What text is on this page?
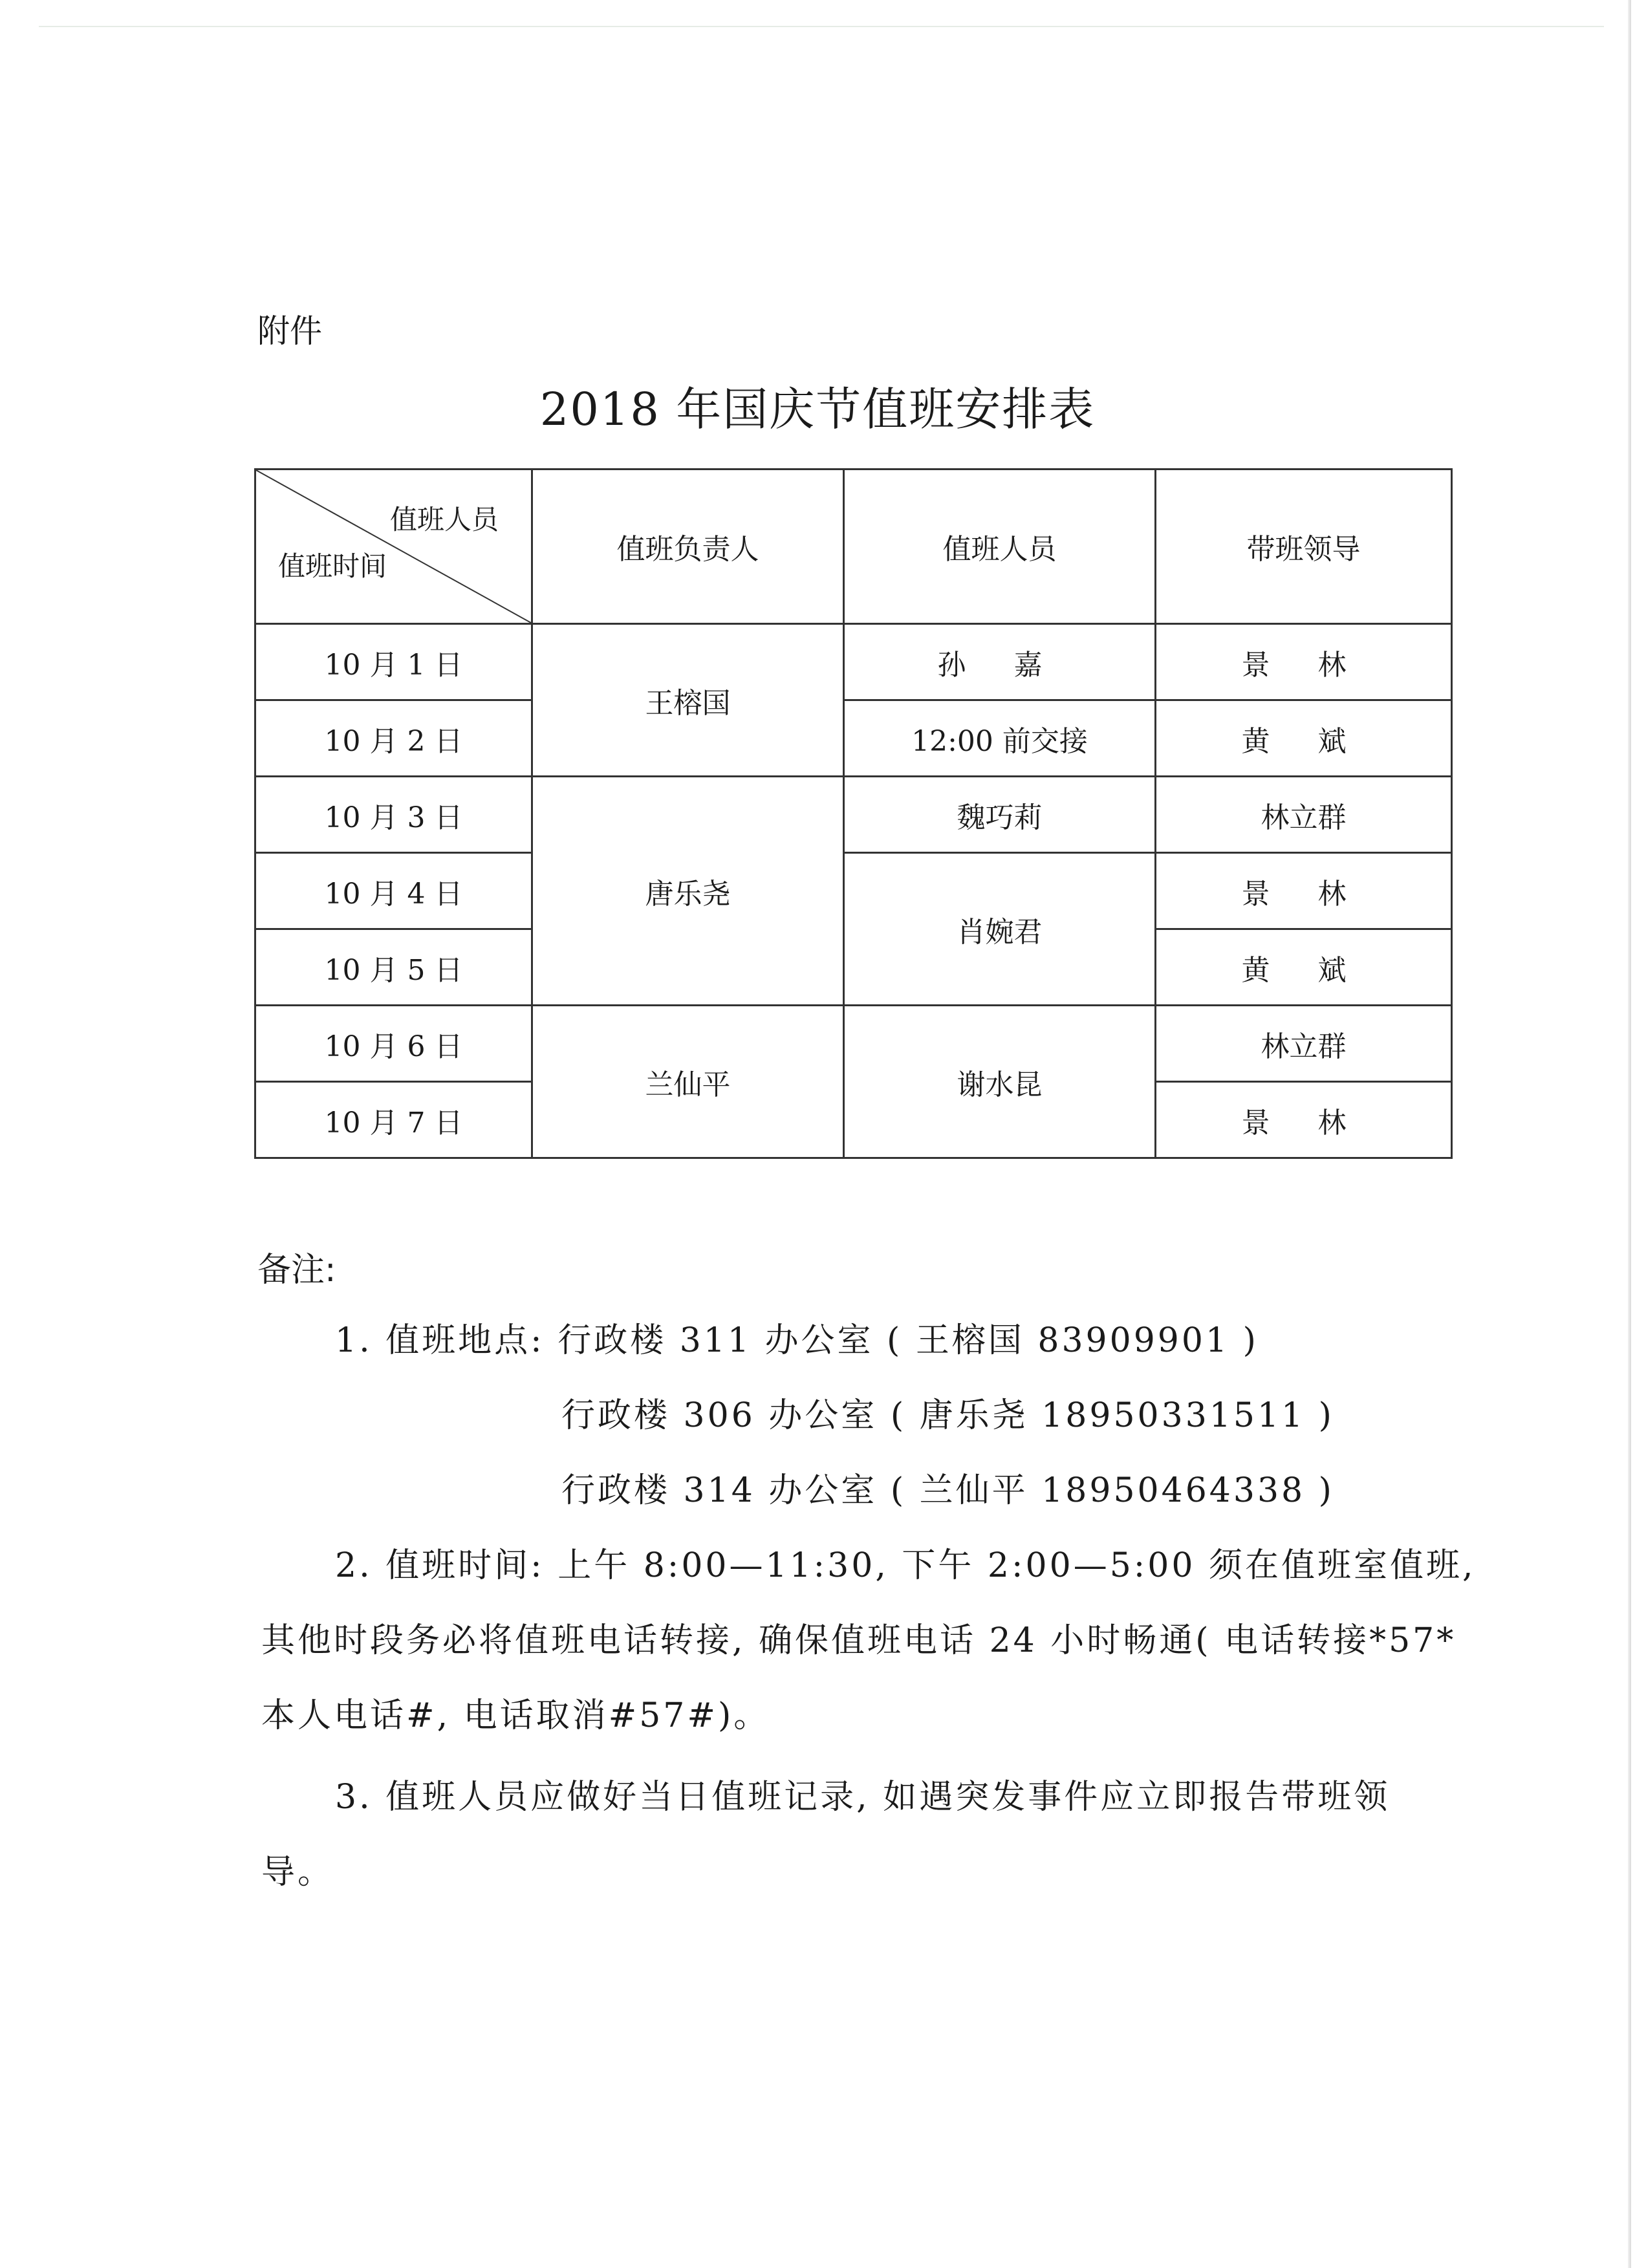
附件
2018 年国庆节值班安排表
值班人员
值班时间	值班负责人	值班人员	带班领导
10 月 1 日	王榕国	孙 嘉	景 林
10 月 2 日		12:00 前交接	黄 斌
10 月 3 日	唐乐尧	魏巧莉	林立群
10 月 4 日		肖婉君	景 林
10 月 5 日			黄 斌
10 月 6 日	兰仙平	谢水昆	林立群
10 月 7 日			景 林
备注:
1. 值班地点: 行政楼 311 办公室 ( 王榕国 83909901 )
行政楼 306 办公室 ( 唐乐尧 18950331511 )
行政楼 314 办公室 ( 兰仙平 18950464338 )
2. 值班时间: 上午 8:00—11:30, 下午 2:00—5:00 须在值班室值班,
其他时段务必将值班电话转接, 确保值班电话 24 小时畅通( 电话转接*57*
本人电话#, 电话取消#57#)。
3. 值班人员应做好当日值班记录, 如遇突发事件应立即报告带班领
导。
